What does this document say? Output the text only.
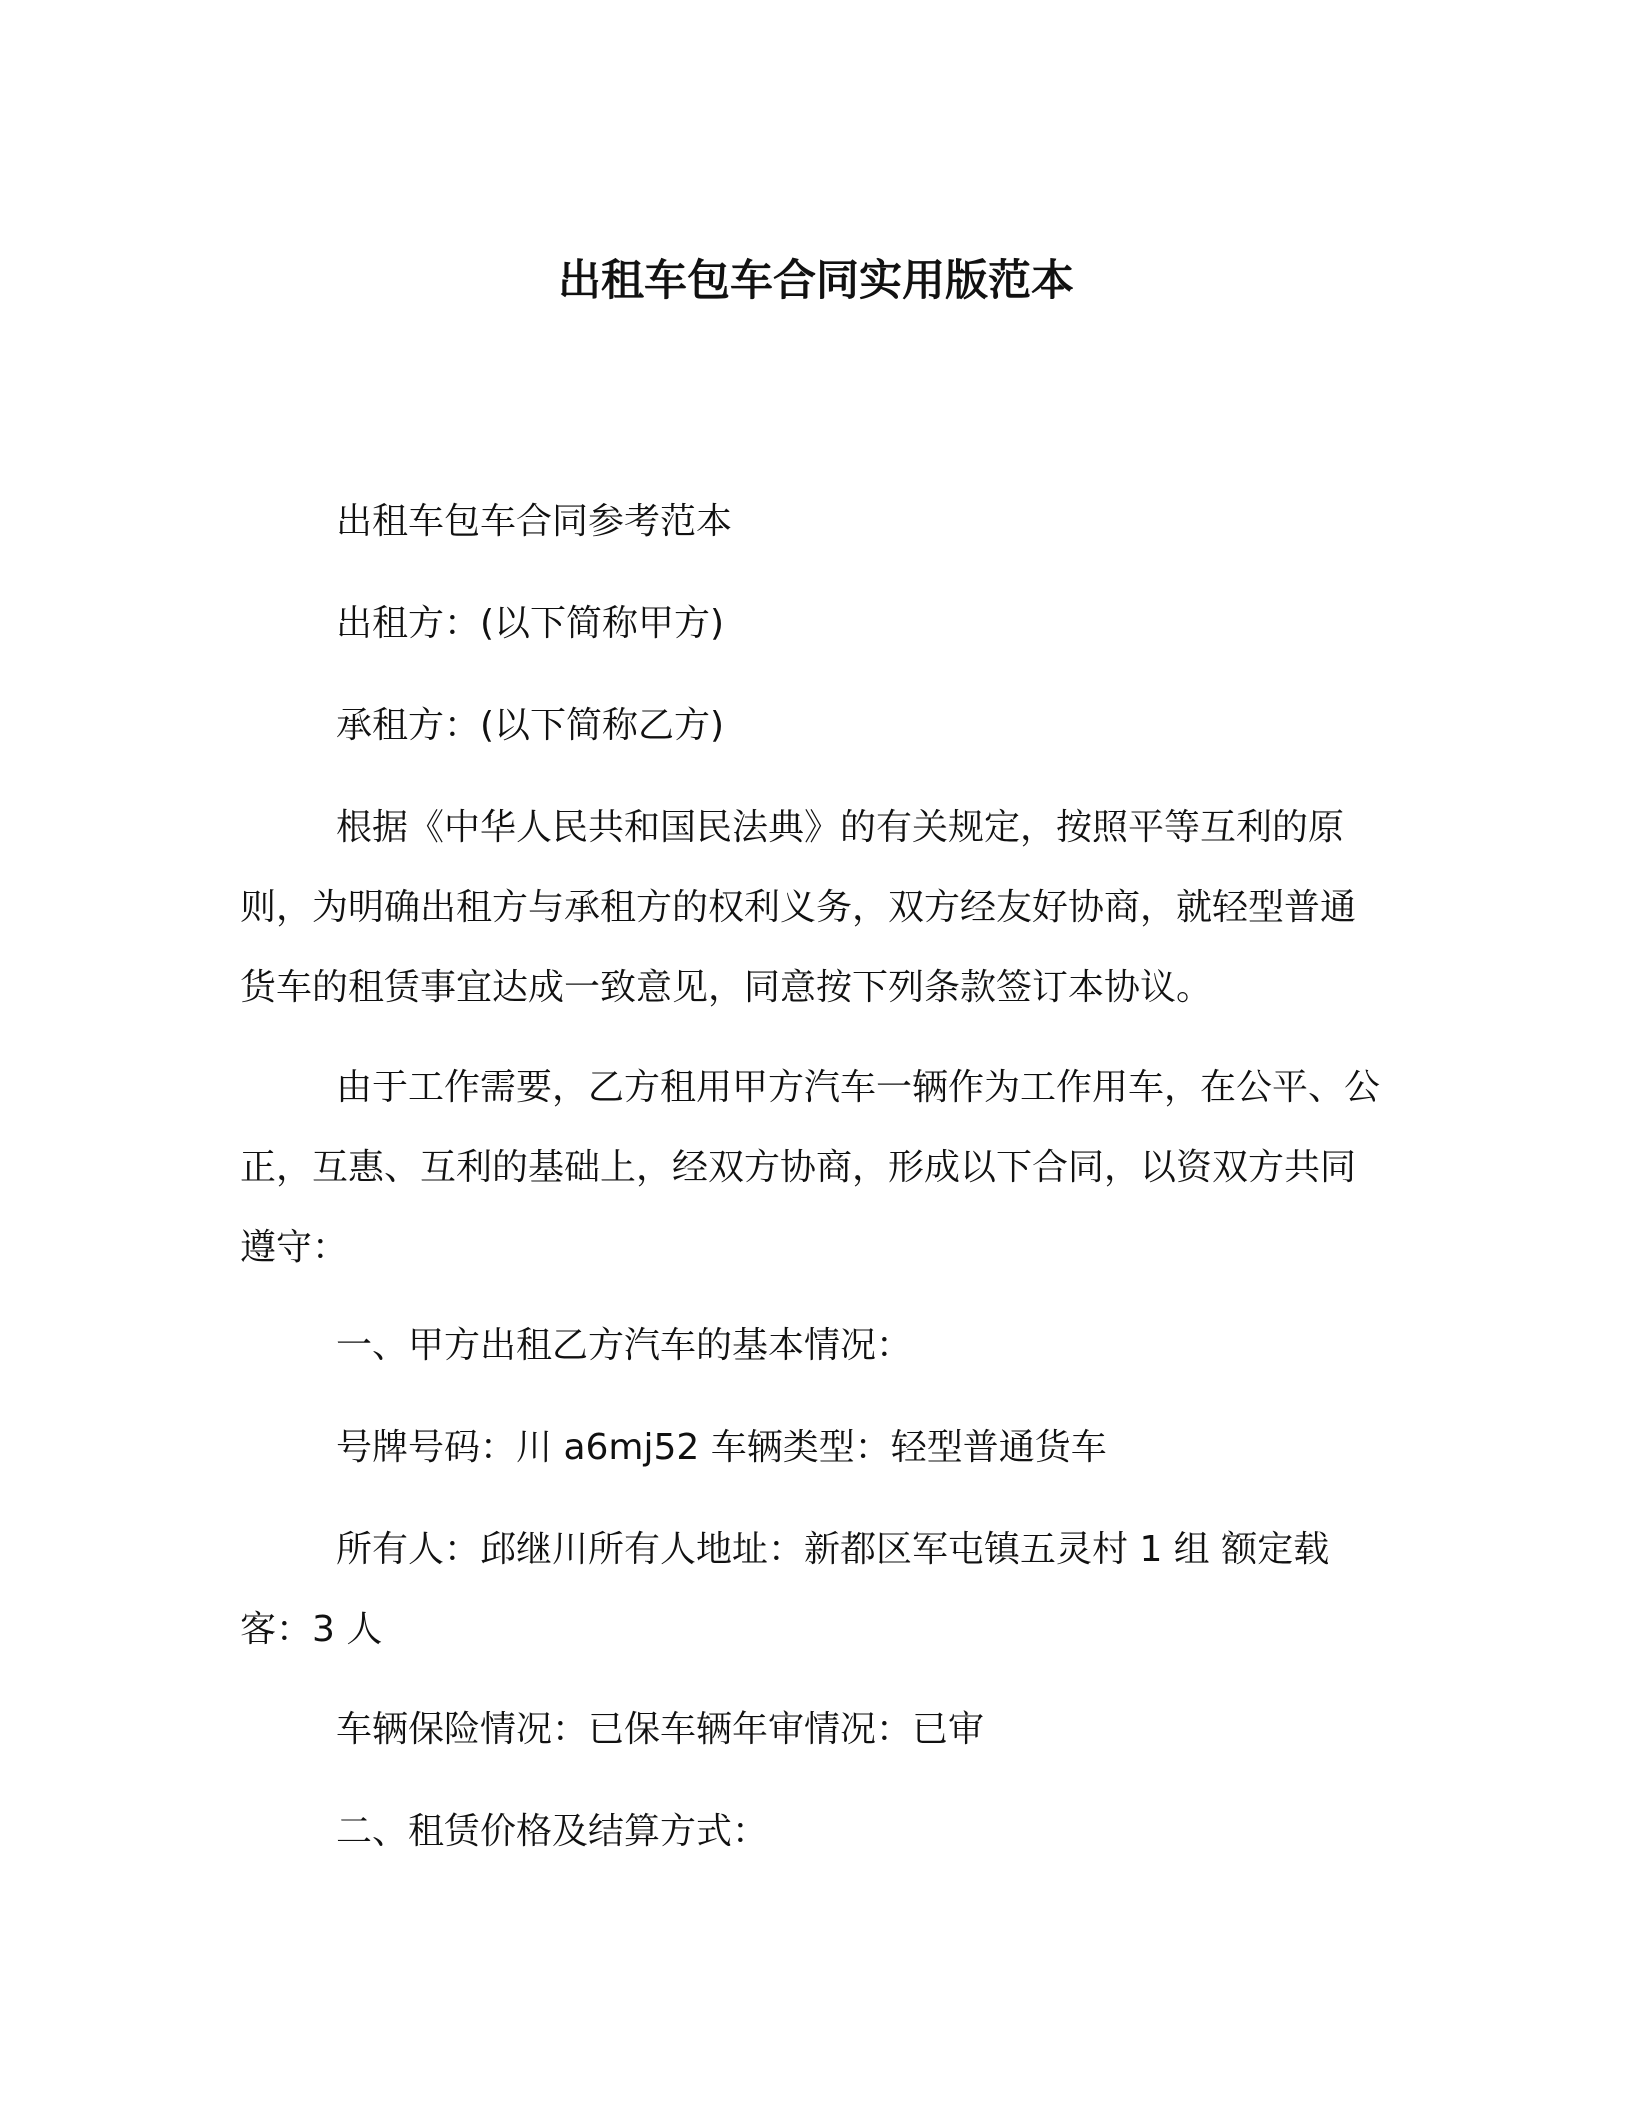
出租车包车合同实用版范本

出租车包车合同参考范本

出租方：(以下简称甲方)

承租方：(以下简称乙方)

根据《中华人民共和国民法典》的有关规定，按照平等互利的原则，为明确出租方与承租方的权利义务，双方经友好协商，就轻型普通货车的租赁事宜达成一致意见，同意按下列条款签订本协议。

由于工作需要，乙方租用甲方汽车一辆作为工作用车，在公平、公正，互惠、互利的基础上，经双方协商，形成以下合同，以资双方共同遵守：

一、甲方出租乙方汽车的基本情况：

号牌号码：川 a6mj52 车辆类型：轻型普通货车

所有人：邱继川所有人地址：新都区军屯镇五灵村 1 组 额定载客：3 人

车辆保险情况：已保车辆年审情况：已审

二、租赁价格及结算方式：
